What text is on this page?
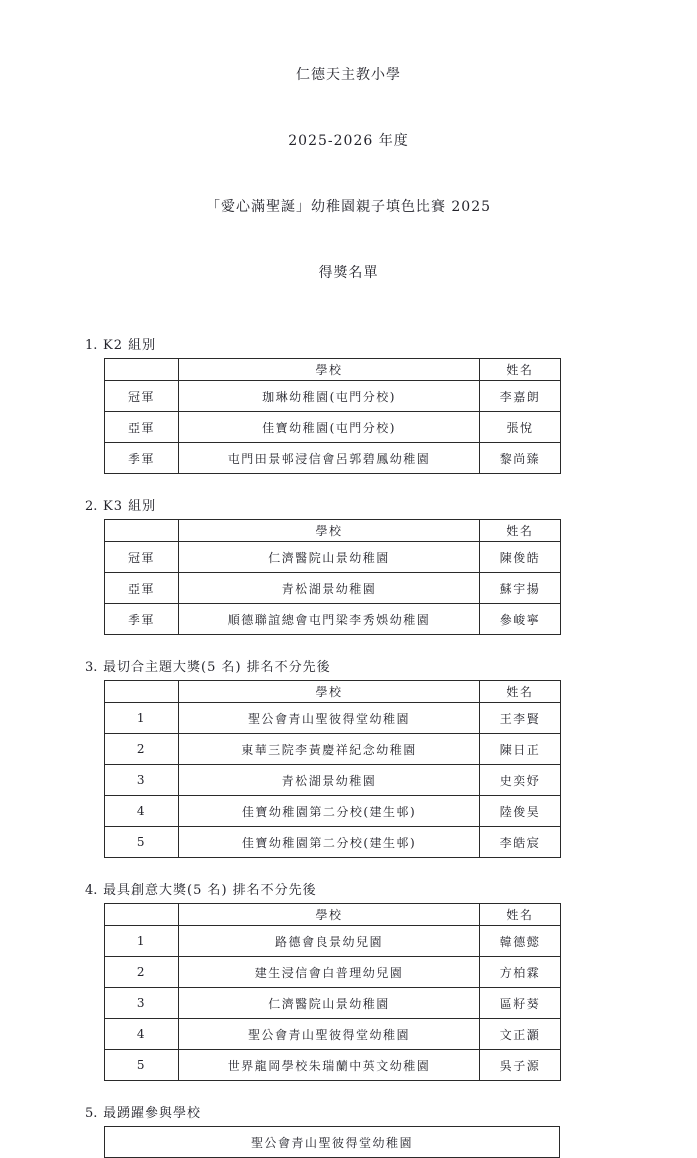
仁德天主教小學

2025-2026 年度

「愛心滿聖誕」幼稚園親子填色比賽 2025

得獎名單

1. K2 組別
	學校	姓名
冠軍	珈琳幼稚園(屯門分校)	李嘉朗
亞軍	佳寶幼稚園(屯門分校)	張悅
季軍	屯門田景邨浸信會呂郭碧鳳幼稚園	黎尚臻
2. K3 組別
	學校	姓名
冠軍	仁濟醫院山景幼稚園	陳俊皓
亞軍	青松湖景幼稚園	蘇宇揚
季軍	順德聯誼總會屯門梁李秀娛幼稚園	參峻寧
3. 最切合主題大獎(5 名) 排名不分先後
	學校	姓名
1	聖公會青山聖彼得堂幼稚園	王李賢
2	東華三院李黃慶祥紀念幼稚園	陳日正
3	青松湖景幼稚園	史奕妤
4	佳寶幼稚園第二分校(建生邨)	陸俊昊
5	佳寶幼稚園第二分校(建生邨)	李皓宸
4. 最具創意大獎(5 名) 排名不分先後
	學校	姓名
1	路德會良景幼兒園	韓德懿
2	建生浸信會白普理幼兒園	方柏霖
3	仁濟醫院山景幼稚園	區籽葵
4	聖公會青山聖彼得堂幼稚園	文正灝
5	世界龍岡學校朱瑞蘭中英文幼稚園	吳子源
5. 最踴躍參與學校
聖公會青山聖彼得堂幼稚園
